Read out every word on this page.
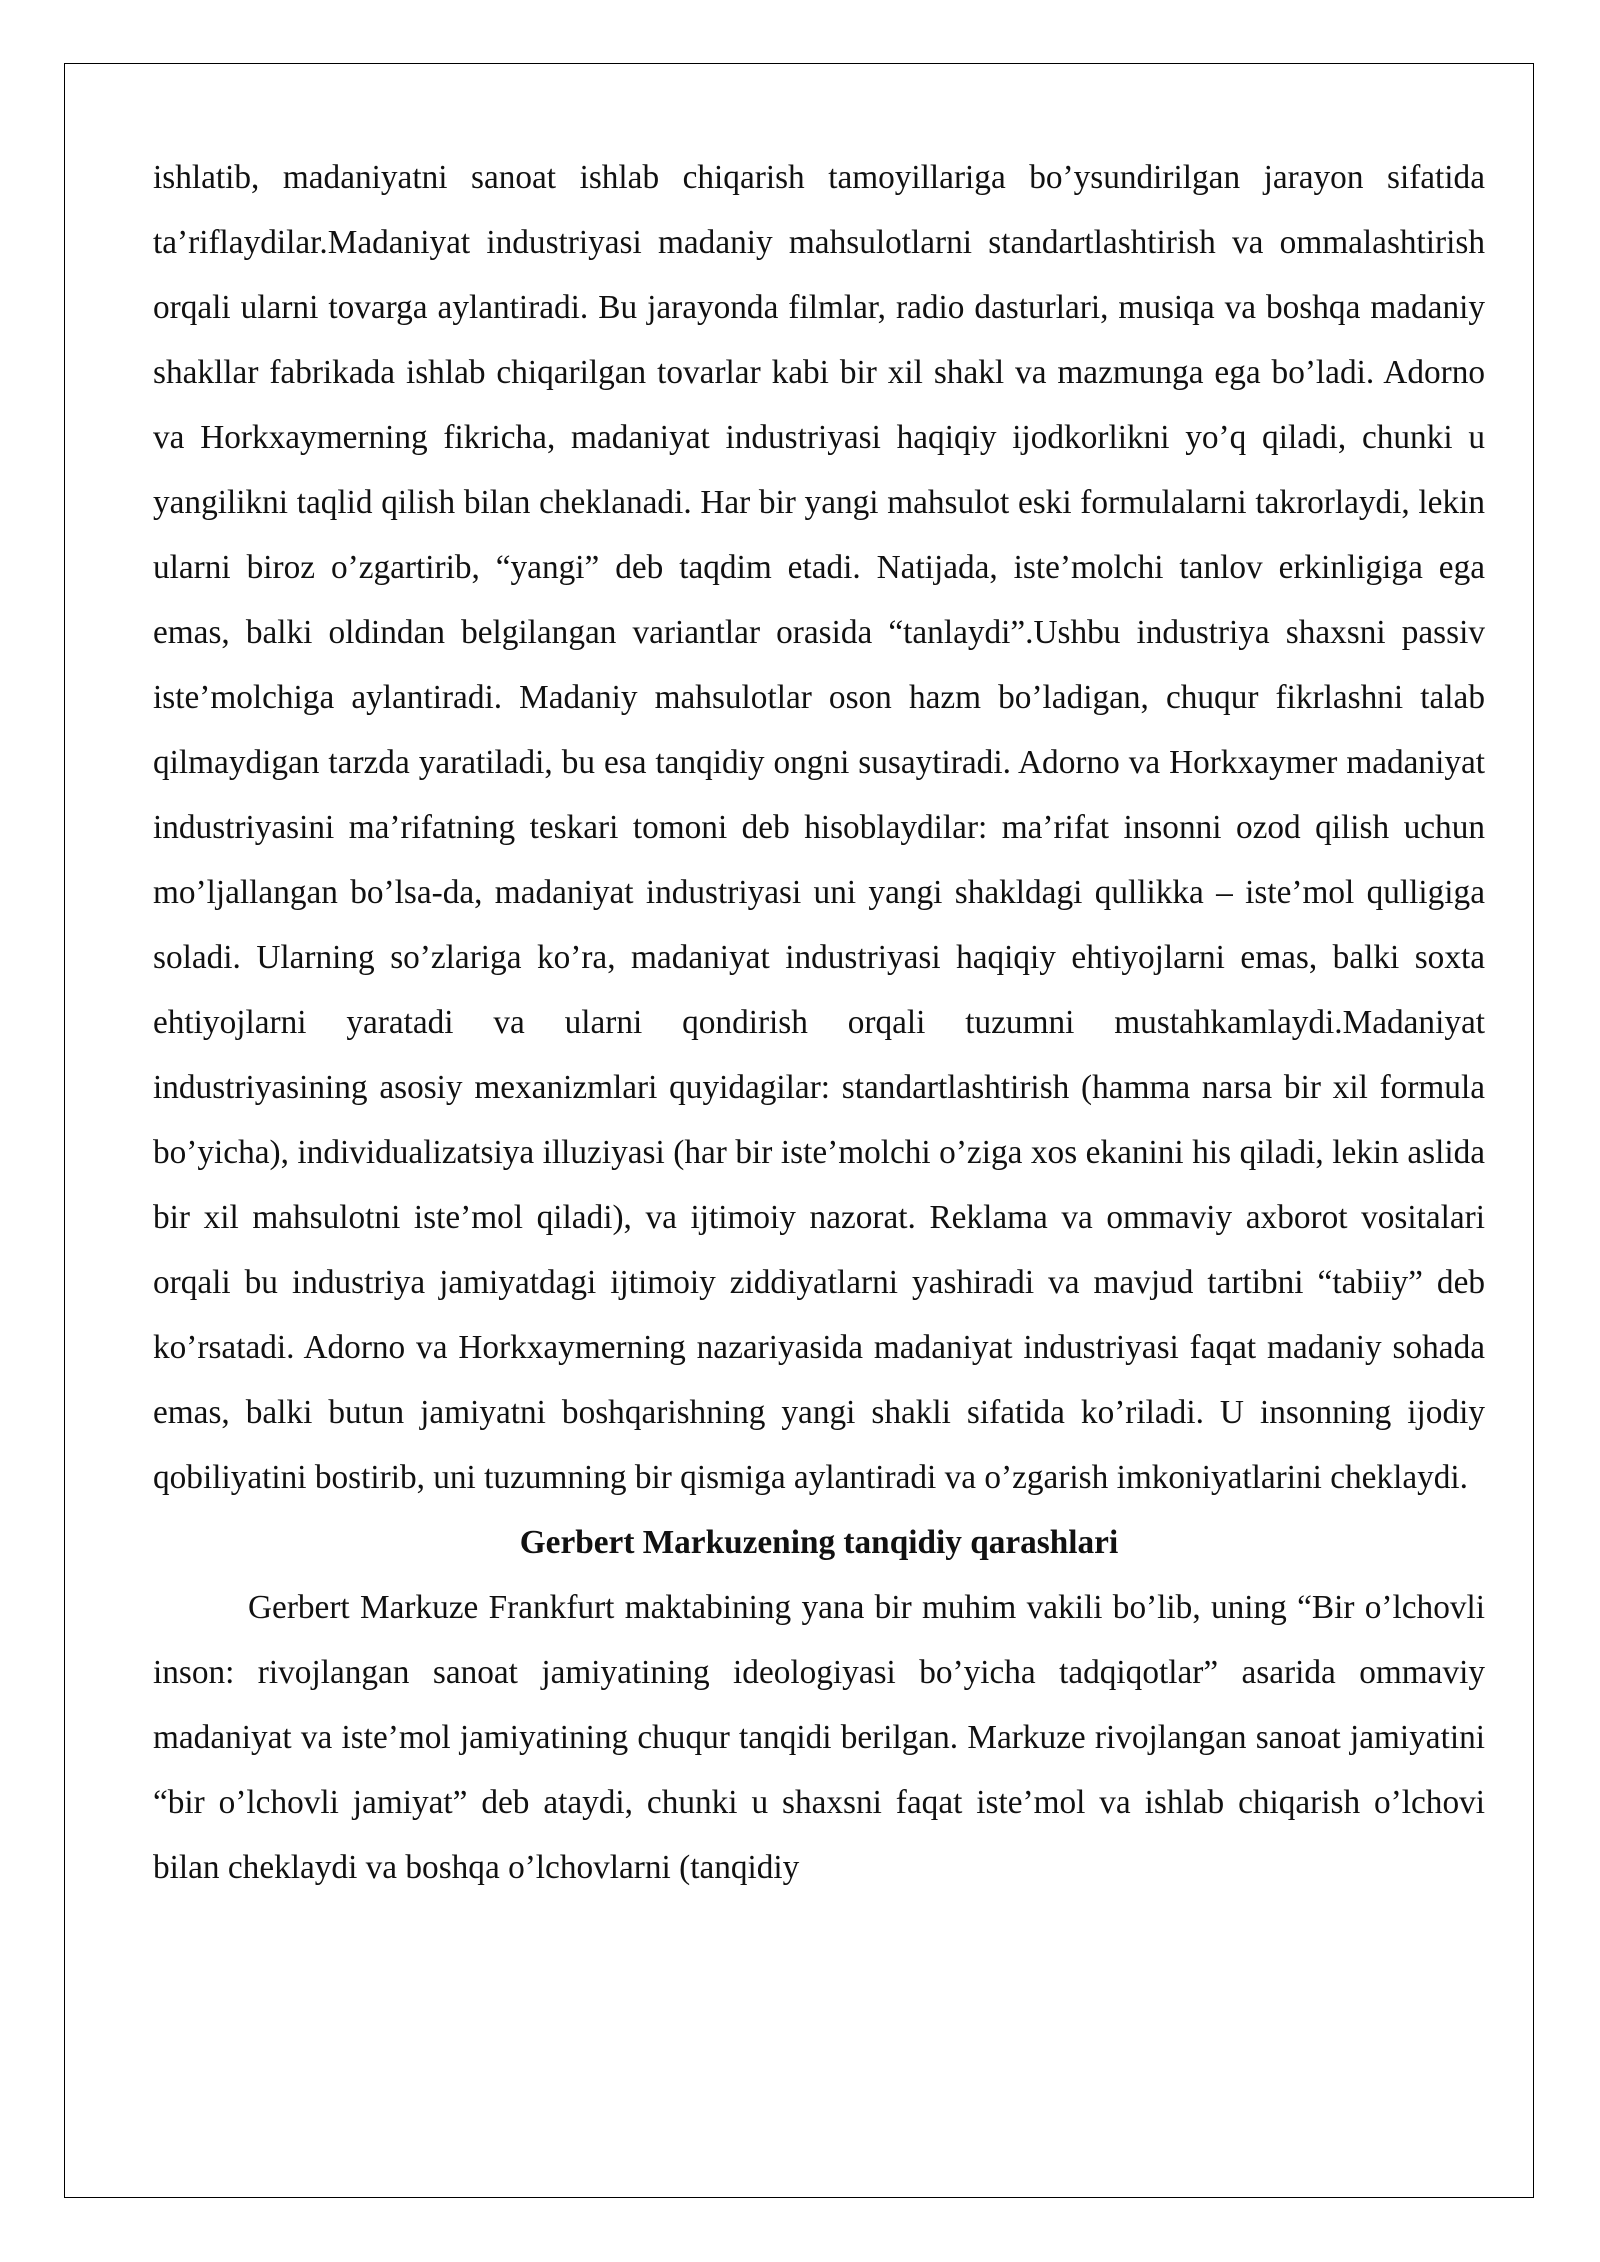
ishlatib, madaniyatni sanoat ishlab chiqarish tamoyillariga bo’ysundirilgan jarayon sifatida ta’riflaydilar.Madaniyat industriyasi madaniy mahsulotlarni standartlashtirish va ommalashtirish orqali ularni tovarga aylantiradi. Bu jarayonda filmlar, radio dasturlari, musiqa va boshqa madaniy shakllar fabrikada ishlab chiqarilgan tovarlar kabi bir xil shakl va mazmunga ega bo’ladi. Adorno va Horkxaymerning fikricha, madaniyat industriyasi haqiqiy ijodkorlikni yo’q qiladi, chunki u yangilikni taqlid qilish bilan cheklanadi. Har bir yangi mahsulot eski formulalarni takrorlaydi, lekin ularni biroz o’zgartirib, “yangi” deb taqdim etadi. Natijada, iste’molchi tanlov erkinligiga ega emas, balki oldindan belgilangan variantlar orasida “tanlaydi”.Ushbu industriya shaxsni passiv iste’molchiga aylantiradi. Madaniy mahsulotlar oson hazm bo’ladigan, chuqur fikrlashni talab qilmaydigan tarzda yaratiladi, bu esa tanqidiy ongni susaytiradi. Adorno va Horkxaymer madaniyat industriyasini ma’rifatning teskari tomoni deb hisoblaydilar: ma’rifat insonni ozod qilish uchun mo’ljallangan bo’lsa-da, madaniyat industriyasi uni yangi shakldagi qullikka – iste’mol qulligiga soladi. Ularning so’zlariga ko’ra, madaniyat industriyasi haqiqiy ehtiyojlarni emas, balki soxta ehtiyojlarni yaratadi va ularni qondirish orqali tuzumni mustahkamlaydi.Madaniyat industriyasining asosiy mexanizmlari quyidagilar: standartlashtirish (hamma narsa bir xil formula bo’yicha), individualizatsiya illuziyasi (har bir iste’molchi o’ziga xos ekanini his qiladi, lekin aslida bir xil mahsulotni iste’mol qiladi), va ijtimoiy nazorat. Reklama va ommaviy axborot vositalari orqali bu industriya jamiyatdagi ijtimoiy ziddiyatlarni yashiradi va mavjud tartibni “tabiiy” deb ko’rsatadi. Adorno va Horkxaymerning nazariyasida madaniyat industriyasi faqat madaniy sohada emas, balki butun jamiyatni boshqarishning yangi shakli sifatida ko’riladi. U insonning ijodiy qobiliyatini bostirib, uni tuzumning bir qismiga aylantiradi va o’zgarish imkoniyatlarini cheklaydi.

Gerbert Markuzening tanqidiy qarashlari

Gerbert Markuze Frankfurt maktabining yana bir muhim vakili bo’lib, uning “Bir o’lchovli inson: rivojlangan sanoat jamiyatining ideologiyasi bo’yicha tadqiqotlar” asarida ommaviy madaniyat va iste’mol jamiyatining chuqur tanqidi berilgan. Markuze rivojlangan sanoat jamiyatini “bir o’lchovli jamiyat” deb ataydi, chunki u shaxsni faqat iste’mol va ishlab chiqarish o’lchovi bilan cheklaydi va boshqa o’lchovlarni (tanqidiy
